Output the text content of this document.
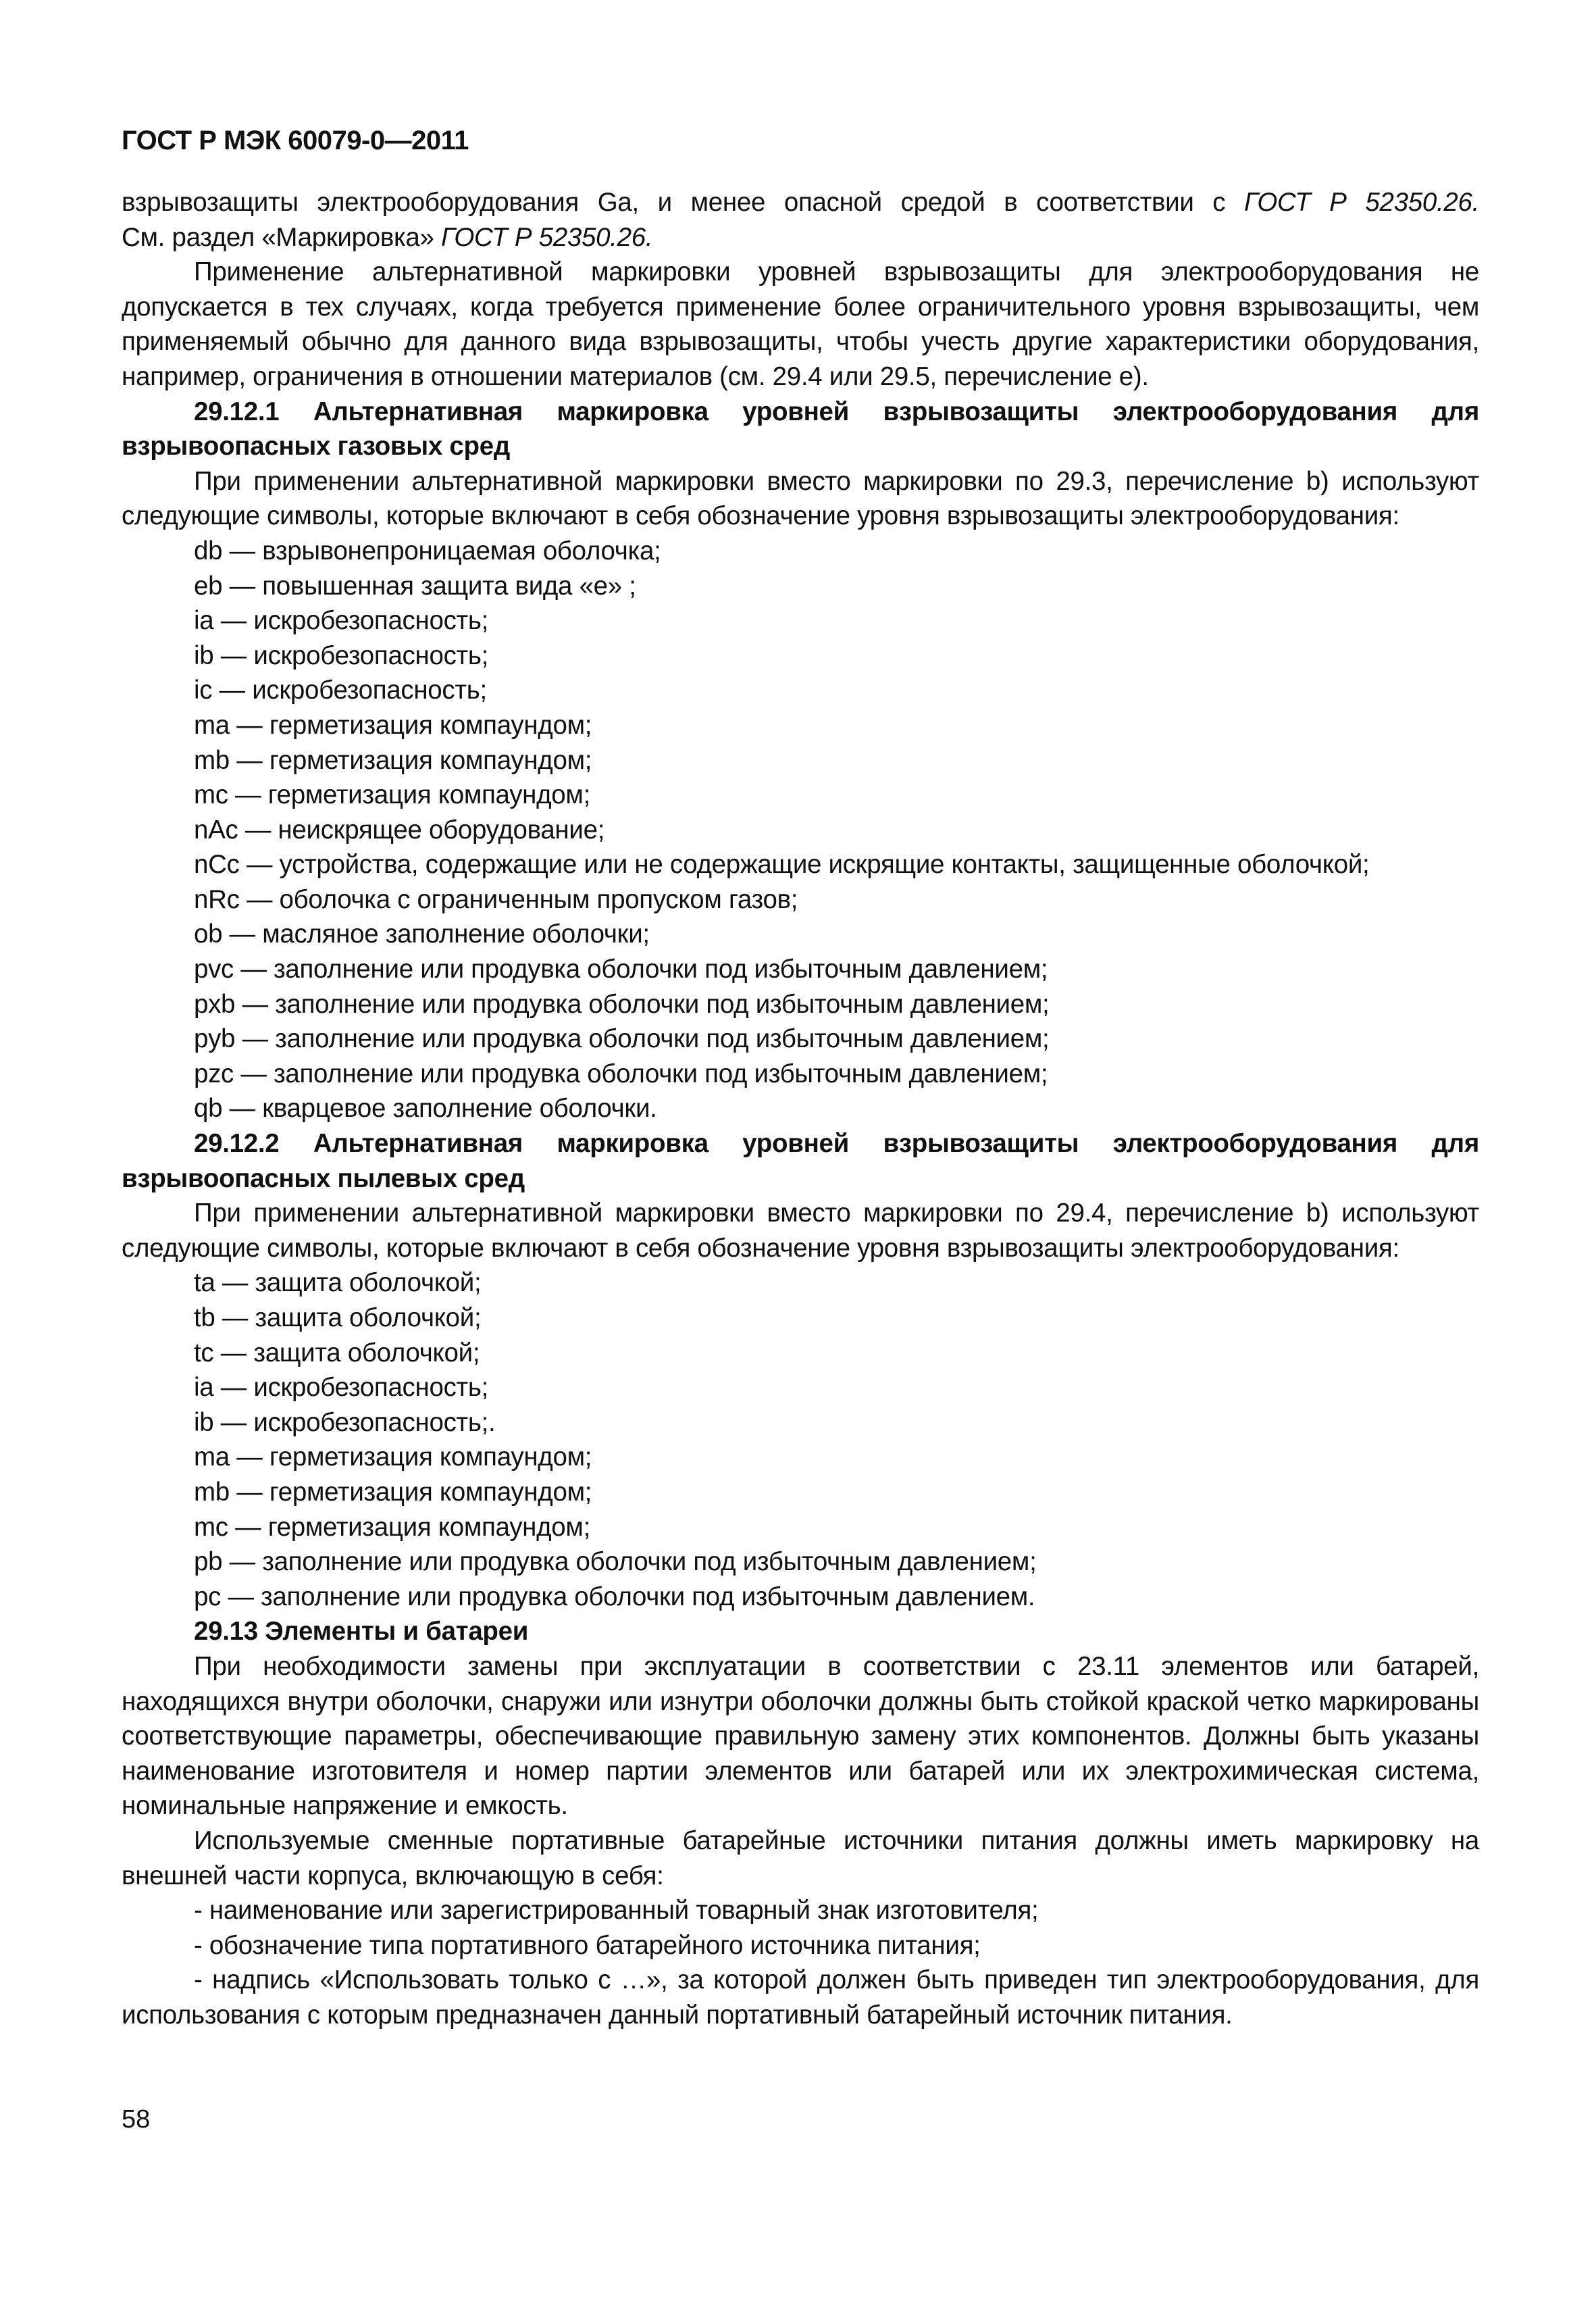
ГОСТ Р МЭК 60079-0—2011

взрывозащиты электрооборудования Ga, и менее опасной средой в соответствии с ГОСТ Р 52350.26.

См. раздел «Маркировка» ГОСТ Р 52350.26.

Применение альтернативной маркировки уровней взрывозащиты для электрооборудования не допускается в тех случаях, когда требуется применение более ограничительного уровня взрывозащиты, чем применяемый обычно для данного вида взрывозащиты, чтобы учесть другие характеристики оборудования, например, ограничения в отношении материалов (см. 29.4 или 29.5, перечисление е).

29.12.1 Альтернативная маркировка уровней взрывозащиты электрооборудования для взрывоопасных газовых сред

При применении альтернативной маркировки вместо маркировки по 29.3, перечисление b) используют следующие символы, которые включают в себя обозначение уровня взрывозащиты электрооборудования:

db — взрывонепроницаемая оболочка;
eb — повышенная защита вида «е» ;
ia — искробезопасность;
ib — искробезопасность;
ic — искробезопасность;
ma — герметизация компаундом;
mb — герметизация компаундом;
mc — герметизация компаундом;
nAc — неискрящее оборудование;
nCc — устройства, содержащие или не содержащие искрящие контакты, защищенные оболочкой;
nRc — оболочка с ограниченным пропуском газов;
ob — масляное заполнение оболочки;
pvc — заполнение или продувка оболочки под избыточным давлением;
pxb — заполнение или продувка оболочки под избыточным давлением;
pyb — заполнение или продувка оболочки под избыточным давлением;
pzc — заполнение или продувка оболочки под избыточным давлением;
qb — кварцевое заполнение оболочки.

29.12.2 Альтернативная маркировка уровней взрывозащиты электрооборудования для взрывоопасных пылевых сред

При применении альтернативной маркировки вместо маркировки по 29.4, перечисление b) используют следующие символы, которые включают в себя обозначение уровня взрывозащиты электрооборудования:

ta — защита оболочкой;
tb — защита оболочкой;
tc — защита оболочкой;
ia — искробезопасность;
ib — искробезопасность;.
ma — герметизация компаундом;
mb — герметизация компаундом;
mc — герметизация компаундом;
pb — заполнение или продувка оболочки под избыточным давлением;
pc — заполнение или продувка оболочки под избыточным давлением.

29.13 Элементы и батареи

При необходимости замены при эксплуатации в соответствии с 23.11 элементов или батарей, находящихся внутри оболочки, снаружи или изнутри оболочки должны быть стойкой краской четко маркированы соответствующие параметры, обеспечивающие правильную замену этих компонентов. Должны быть указаны наименование изготовителя и номер партии элементов или батарей или их электрохимическая система, номинальные напряжение и емкость.

Используемые сменные портативные батарейные источники питания должны иметь маркировку на внешней части корпуса, включающую в себя:

- наименование или зарегистрированный товарный знак изготовителя;

- обозначение типа портативного батарейного источника питания;

- надпись «Использовать только с …», за которой должен быть приведен тип электрооборудования, для использования с которым предназначен данный портативный батарейный источник питания.

58
